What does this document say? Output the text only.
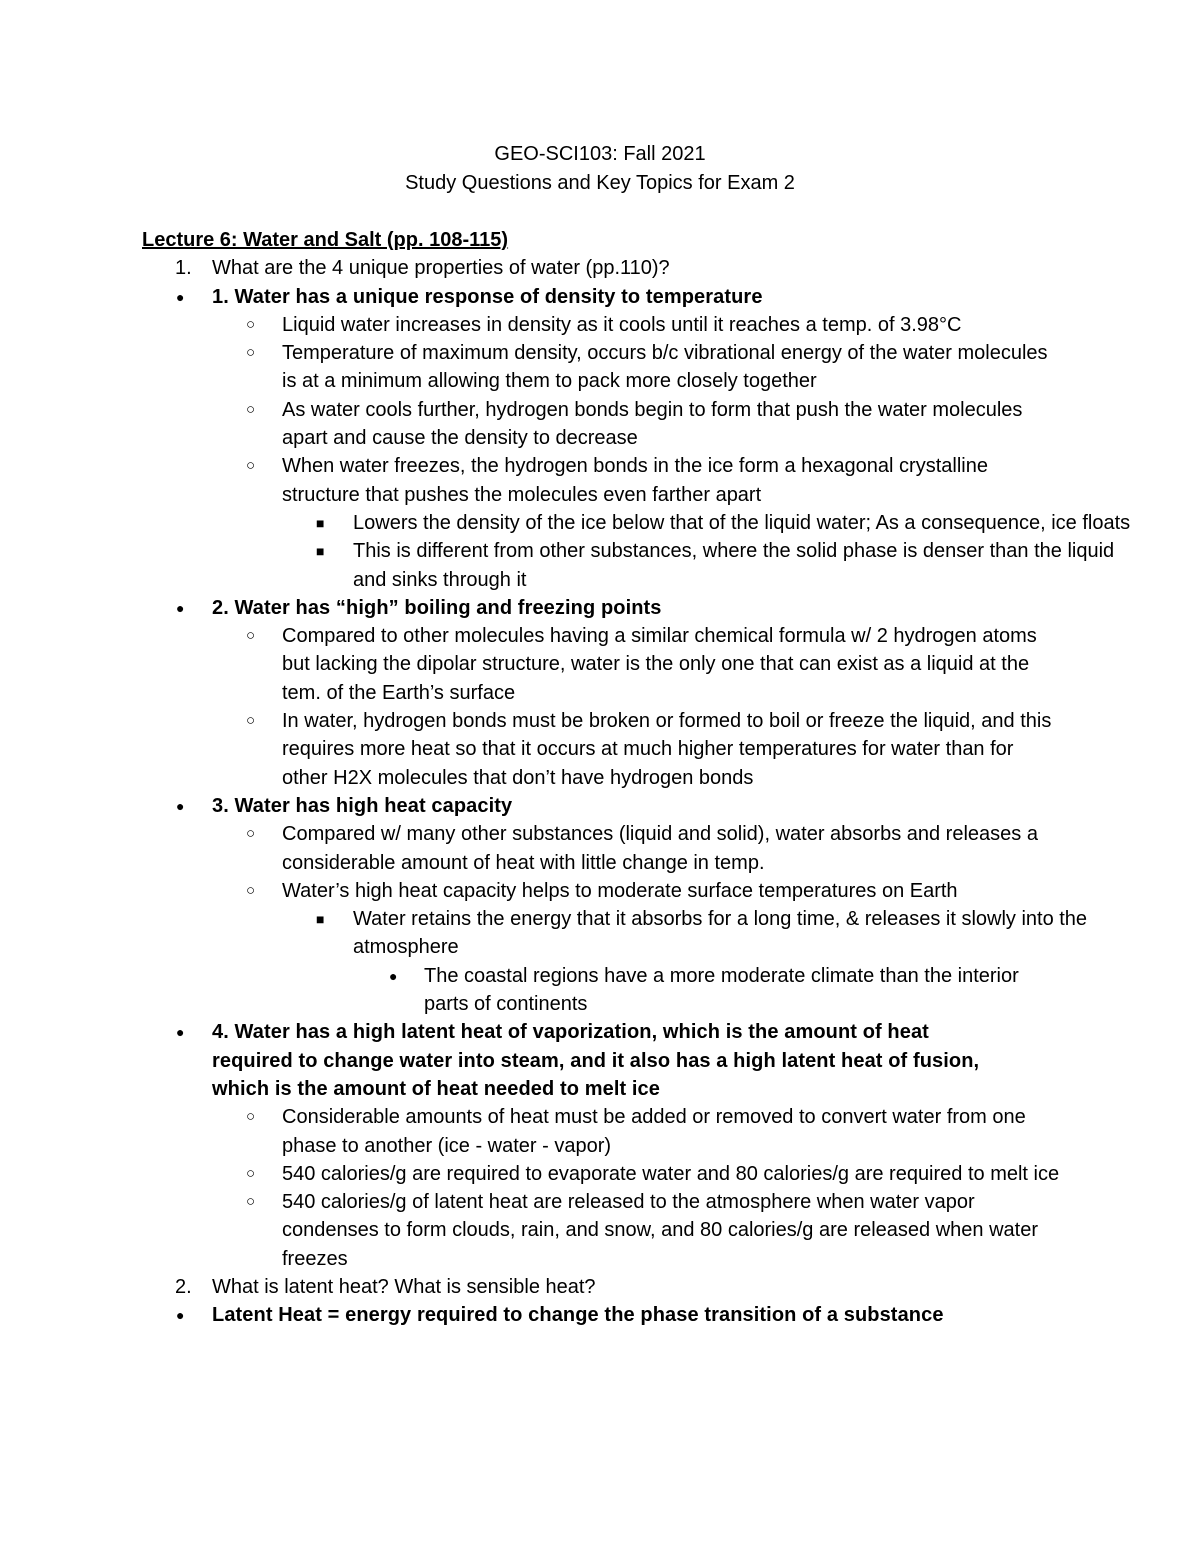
GEO-SCI103: Fall 2021
Study Questions and Key Topics for Exam 2
Lecture 6: Water and Salt (pp. 108-115)
1. What are the 4 unique properties of water (pp.110)?
● 1. Water has a unique response of density to temperature
○ Liquid water increases in density as it cools until it reaches a temp. of 3.98°C
○ Temperature of maximum density, occurs b/c vibrational energy of the water molecules is at a minimum allowing them to pack more closely together
○ As water cools further, hydrogen bonds begin to form that push the water molecules apart and cause the density to decrease
○ When water freezes, the hydrogen bonds in the ice form a hexagonal crystalline structure that pushes the molecules even farther apart
■ Lowers the density of the ice below that of the liquid water; As a consequence, ice floats
■ This is different from other substances, where the solid phase is denser than the liquid and sinks through it
● 2. Water has “high” boiling and freezing points
○ Compared to other molecules having a similar chemical formula w/ 2 hydrogen atoms but lacking the dipolar structure, water is the only one that can exist as a liquid at the tem. of the Earth’s surface
○ In water, hydrogen bonds must be broken or formed to boil or freeze the liquid, and this requires more heat so that it occurs at much higher temperatures for water than for other H2X molecules that don’t have hydrogen bonds
● 3. Water has high heat capacity
○ Compared w/ many other substances (liquid and solid), water absorbs and releases a considerable amount of heat with little change in temp.
○ Water’s high heat capacity helps to moderate surface temperatures on Earth
■ Water retains the energy that it absorbs for a long time, & releases it slowly into the atmosphere
● The coastal regions have a more moderate climate than the interior parts of continents
● 4. Water has a high latent heat of vaporization, which is the amount of heat required to change water into steam, and it also has a high latent heat of fusion, which is the amount of heat needed to melt ice
○ Considerable amounts of heat must be added or removed to convert water from one phase to another (ice - water - vapor)
○ 540 calories/g are required to evaporate water and 80 calories/g are required to melt ice
○ 540 calories/g of latent heat are released to the atmosphere when water vapor condenses to form clouds, rain, and snow, and 80 calories/g are released when water freezes
2. What is latent heat? What is sensible heat?
● Latent Heat = energy required to change the phase transition of a substance
